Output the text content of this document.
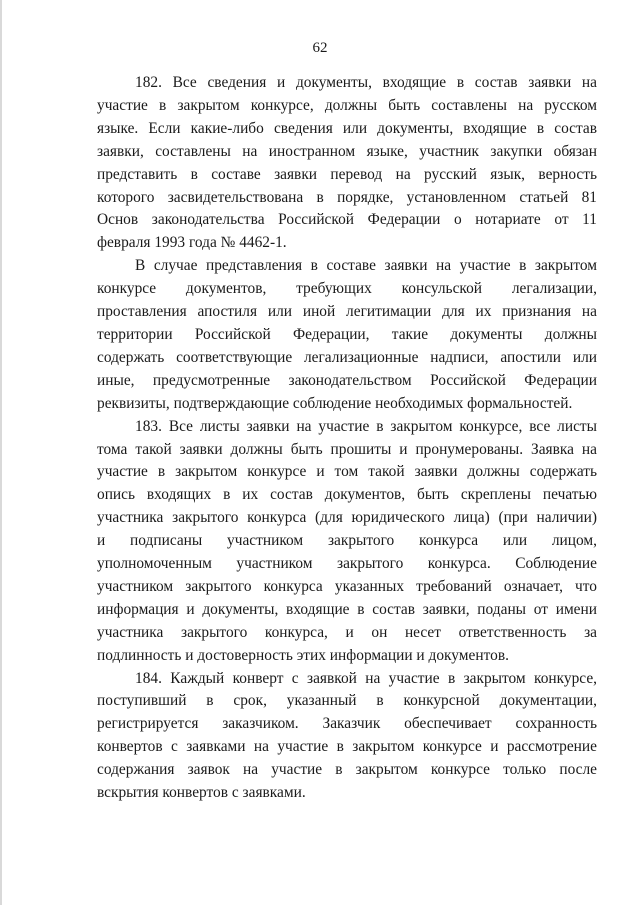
62
182. Все сведения и документы, входящие в состав заявки на
участие в закрытом конкурсе, должны быть составлены на русском
языке. Если какие-либо сведения или документы, входящие в состав
заявки, составлены на иностранном языке, участник закупки обязан
представить в составе заявки перевод на русский язык, верность
которого засвидетельствована в порядке, установленном статьей 81
Основ законодательства Российской Федерации о нотариате от 11
февраля 1993 года № 4462-1.
В случае представления в составе заявки на участие в закрытом
конкурсе документов, требующих консульской легализации,
проставления апостиля или иной легитимации для их признания на
территории Российской Федерации, такие документы должны
содержать соответствующие легализационные надписи, апостили или
иные, предусмотренные законодательством Российской Федерации
реквизиты, подтверждающие соблюдение необходимых формальностей.
183. Все листы заявки на участие в закрытом конкурсе, все листы
тома такой заявки должны быть прошиты и пронумерованы. Заявка на
участие в закрытом конкурсе и том такой заявки должны содержать
опись входящих в их состав документов, быть скреплены печатью
участника закрытого конкурса (для юридического лица) (при наличии)
и подписаны участником закрытого конкурса или лицом,
уполномоченным участником закрытого конкурса. Соблюдение
участником закрытого конкурса указанных требований означает, что
информация и документы, входящие в состав заявки, поданы от имени
участника закрытого конкурса, и он несет ответственность за
подлинность и достоверность этих информации и документов.
184. Каждый конверт с заявкой на участие в закрытом конкурсе,
поступивший в срок, указанный в конкурсной документации,
регистрируется заказчиком. Заказчик обеспечивает сохранность
конвертов с заявками на участие в закрытом конкурсе и рассмотрение
содержания заявок на участие в закрытом конкурсе только после
вскрытия конвертов с заявками.
